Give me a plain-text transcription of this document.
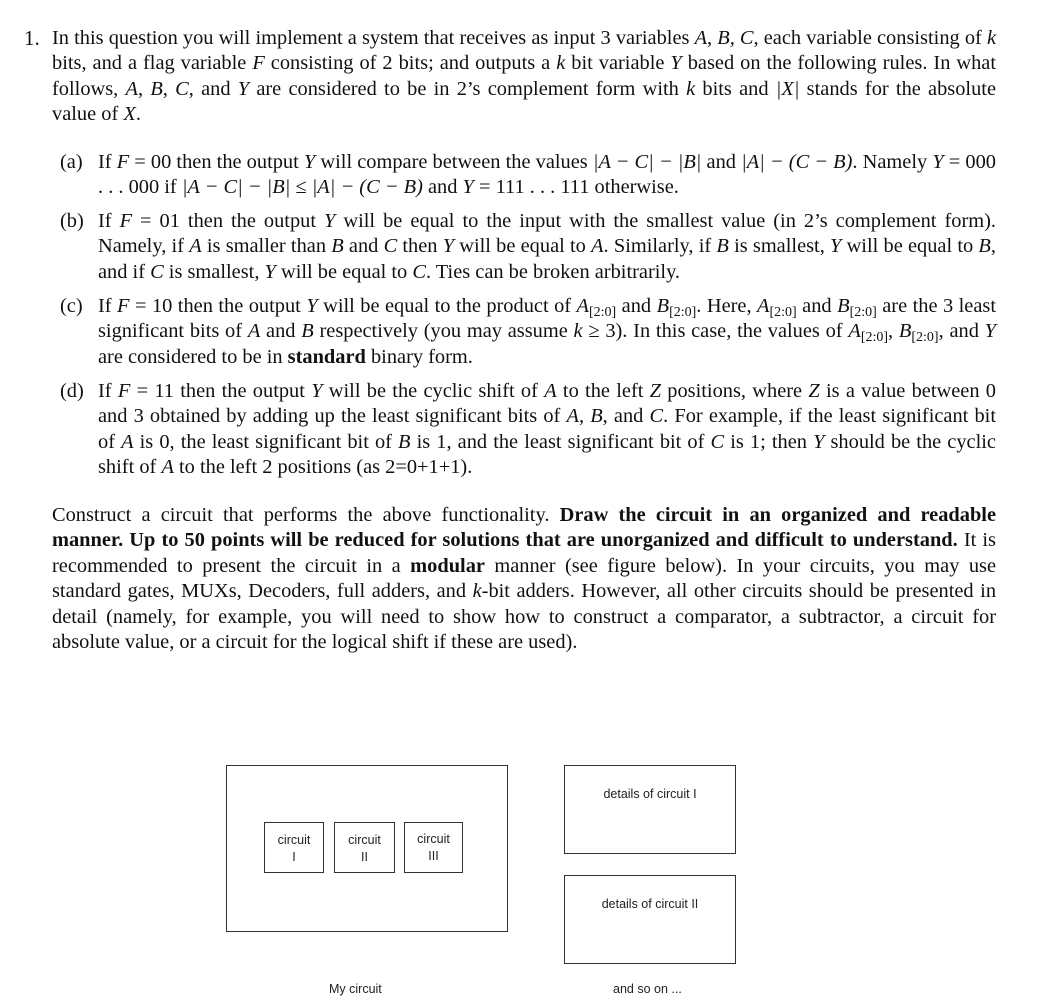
1. In this question you will implement a system that receives as input 3 variables A, B, C, each variable consisting of k bits, and a flag variable F consisting of 2 bits; and outputs a k bit variable Y based on the following rules. In what follows, A, B, C, and Y are considered to be in 2’s complement form with k bits and |X| stands for the absolute value of X.

(a) If F = 00 then the output Y will compare between the values |A − C| − |B| and |A| − (C − B). Namely Y = 000 . . . 000 if |A − C| − |B| ≤ |A| − (C − B) and Y = 111 . . . 111 otherwise.
(b) If F = 01 then the output Y will be equal to the input with the smallest value (in 2’s complement form). Namely, if A is smaller than B and C then Y will be equal to A. Similarly, if B is smallest, Y will be equal to B, and if C is smallest, Y will be equal to C. Ties can be broken arbitrarily.
(c) If F = 10 then the output Y will be equal to the product of $A_{[2:0]}$ and $B_{[2:0]}$. Here, $A_{[2:0]}$ and $B_{[2:0]}$ are the 3 least significant bits of A and B respectively (you may assume k ≥ 3). In this case, the values of $A_{[2:0]}$, $B_{[2:0]}$, and Y are considered to be in standard binary form.
(d) If F = 11 then the output Y will be the cyclic shift of A to the left Z positions, where Z is a value between 0 and 3 obtained by adding up the least significant bits of A, B, and C. For example, if the least significant bit of A is 0, the least significant bit of B is 1, and the least significant bit of C is 1; then Y should be the cyclic shift of A to the left 2 positions (as 2=0+1+1).

Construct a circuit that performs the above functionality. Draw the circuit in an organized and readable manner. Up to 50 points will be reduced for solutions that are unorganized and difficult to understand. It is recommended to present the circuit in a modular manner (see figure below). In your circuits, you may use standard gates, MUXs, Decoders, full adders, and k-bit adders. However, all other circuits should be presented in detail (namely, for example, you will need to show how to construct a comparator, a subtractor, a circuit for absolute value, or a circuit for the logical shift if these are used).

circuit
I
circuit
II
circuit
III
details of circuit I
details of circuit II
My circuit	and so on ...
